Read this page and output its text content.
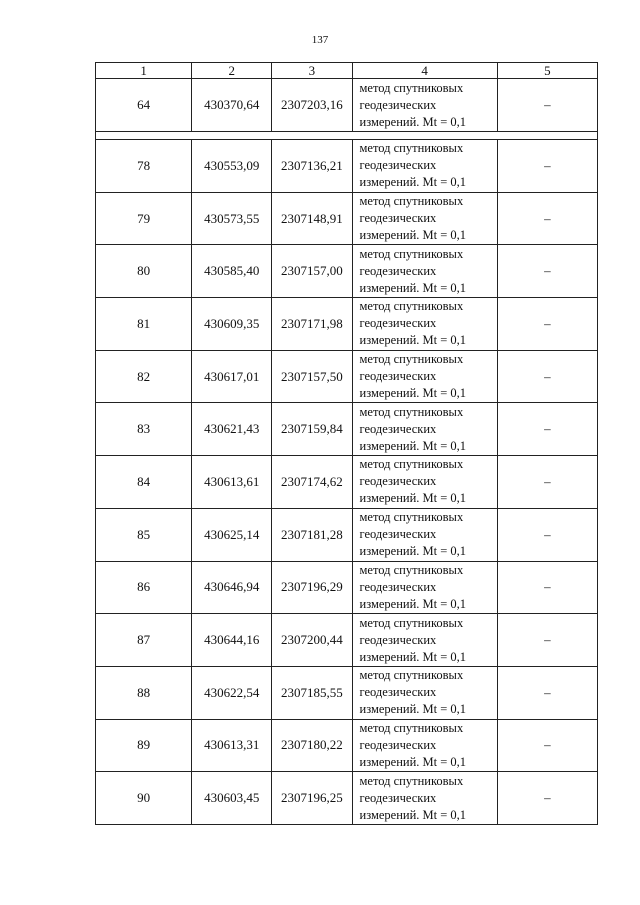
137
1	2	3	4	5
64	430370,64	2307203,16	метод спутниковых
геодезических
измерений. Mt = 0,1	–

78	430553,09	2307136,21	метод спутниковых
геодезических
измерений. Mt = 0,1	–
79	430573,55	2307148,91	метод спутниковых
геодезических
измерений. Mt = 0,1	–
80	430585,40	2307157,00	метод спутниковых
геодезических
измерений. Mt = 0,1	–
81	430609,35	2307171,98	метод спутниковых
геодезических
измерений. Mt = 0,1	–
82	430617,01	2307157,50	метод спутниковых
геодезических
измерений. Mt = 0,1	–
83	430621,43	2307159,84	метод спутниковых
геодезических
измерений. Mt = 0,1	–
84	430613,61	2307174,62	метод спутниковых
геодезических
измерений. Mt = 0,1	–
85	430625,14	2307181,28	метод спутниковых
геодезических
измерений. Mt = 0,1	–
86	430646,94	2307196,29	метод спутниковых
геодезических
измерений. Mt = 0,1	–
87	430644,16	2307200,44	метод спутниковых
геодезических
измерений. Mt = 0,1	–
88	430622,54	2307185,55	метод спутниковых
геодезических
измерений. Mt = 0,1	–
89	430613,31	2307180,22	метод спутниковых
геодезических
измерений. Mt = 0,1	–
90	430603,45	2307196,25	метод спутниковых
геодезических
измерений. Mt = 0,1	–
